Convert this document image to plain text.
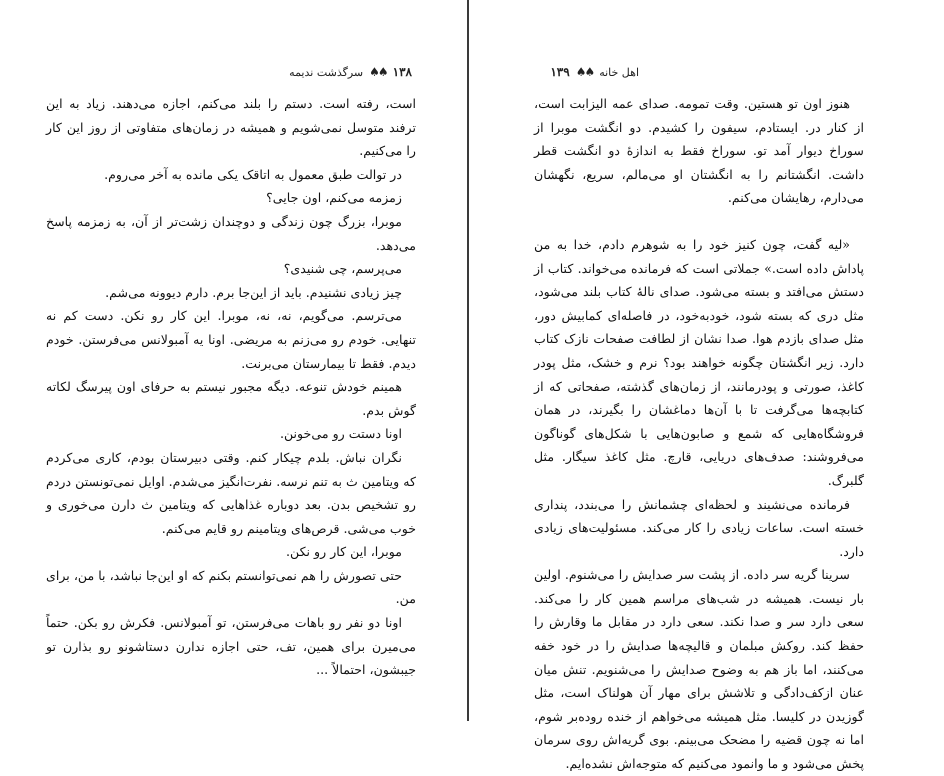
۱۳۸
♠♠
سرگذشت ندیمه

است، رفته است. دستم را بلند می‌کنم، اجازه می‌دهند. زیاد به این ترفند متوسل نمی‌شویم و همیشه در زمان‌های متفاوتی از روز این کار را می‌کنیم.

در توالت طبق معمول به اتاقک یکی مانده به آخر می‌روم.

زمزمه می‌کنم، اون جایی؟

موبرا، بزرگ چون زندگی و دوچندان زشت‌تر از آن، به زمزمه پاسخ می‌دهد.

می‌پرسم، چی شنیدی؟

چیز زیادی نشنیدم. باید از این‌جا برم. دارم دیوونه می‌شم.

می‌ترسم. می‌گویم، نه، نه، موبرا. این کار رو نکن. دست کم نه تنهایی. خودم رو می‌زنم به مریضی. اونا یه آمبولانس می‌فرستن. خودم دیدم. فقط تا بیمارستان می‌برنت.

همینم خودش تنوعه. دیگه مجبور نیستم به حرفای اون پیرسگ لکاته گوش بدم.

اونا دستت رو می‌خونن.

نگران نباش. بلدم چیکار کنم. وقتی دبیرستان بودم، کاری می‌کردم که ویتامین ث به تنم نرسه. نفرت‌انگیز می‌شدم. اوایل نمی‌تونستن دردم رو تشخیص بدن. بعد دوباره غذاهایی که ویتامین ث دارن می‌خوری و خوب می‌شی. قرص‌های ویتامینم رو قایم می‌کنم.

موبرا، این کار رو نکن.

حتی تصورش را هم نمی‌توانستم بکنم که او این‌جا نباشد، با من، برای من.

اونا دو نفر رو باهات می‌فرستن، تو آمبولانس. فکرش رو بکن. حتماً می‌میرن برای همین، تف، حتی اجازه ندارن دستاشونو رو بذارن تو جیبشون، احتمالاً ...

اهل خانه
♠♠
۱۳۹

هنوز اون تو هستین. وقت تمومه. صدای عمه الیزابت است، از کنار در. ایستادم، سیفون را کشیدم. دو انگشت موبرا از سوراخ دیوار آمد تو. سوراخ فقط به اندازهٔ دو انگشت قطر داشت. انگشتانم را به انگشتان او می‌مالم، سریع، نگهشان می‌دارم، رهایشان می‌کنم.

«لیه گفت، چون کنیز خود را به شوهرم دادم، خدا به من پاداش داده است.» جملاتی است که فرمانده می‌خواند. کتاب از دستش می‌افتد و بسته می‌شود. صدای نالهٔ کتاب بلند می‌شود، مثل دری که بسته شود، خودبه‌خود، در فاصله‌ای کمابیش دور، مثل صدای بازدم هوا. صدا نشان از لطافت صفحات نازک کتاب دارد. زیر انگشتان چگونه خواهند بود؟ نرم و خشک، مثل پودر کاغذ، صورتی و پودرمانند، از زمان‌های گذشته، صفحاتی که از کتابچه‌ها می‌گرفت تا با آن‌ها دماغشان را بگیرند، در همان فروشگاه‌هایی که شمع و صابون‌هایی با شکل‌های گوناگون می‌فروشند: صدف‌های دریایی، قارچ. مثل کاغذ سیگار. مثل گلبرگ.

فرمانده می‌نشیند و لحظه‌ای چشمانش را می‌بندد، پنداری خسته است. ساعات زیادی را کار می‌کند. مسئولیت‌های زیادی دارد.

سرینا گریه سر داده. از پشت سر صدایش را می‌شنوم. اولین بار نیست. همیشه در شب‌های مراسم همین کار را می‌کند. سعی دارد سر و صدا نکند. سعی دارد در مقابل ما وقارش را حفظ کند. روکش مبلمان و قالیچه‌ها صدایش را در خود خفه می‌کنند، اما باز هم به وضوح صدایش را می‌شنویم. تنش میان عنان ازکف‌دادگی و تلاشش برای مهار آن هولناک است، مثل گوزیدن در کلیسا. مثل همیشه می‌خواهم از خنده روده‌بر شوم، اما نه چون قضیه را مضحک می‌بینم. بوی گریه‌اش روی سرمان پخش می‌شود و ما وانمود می‌کنیم که متوجه‌اش نشده‌ایم.
